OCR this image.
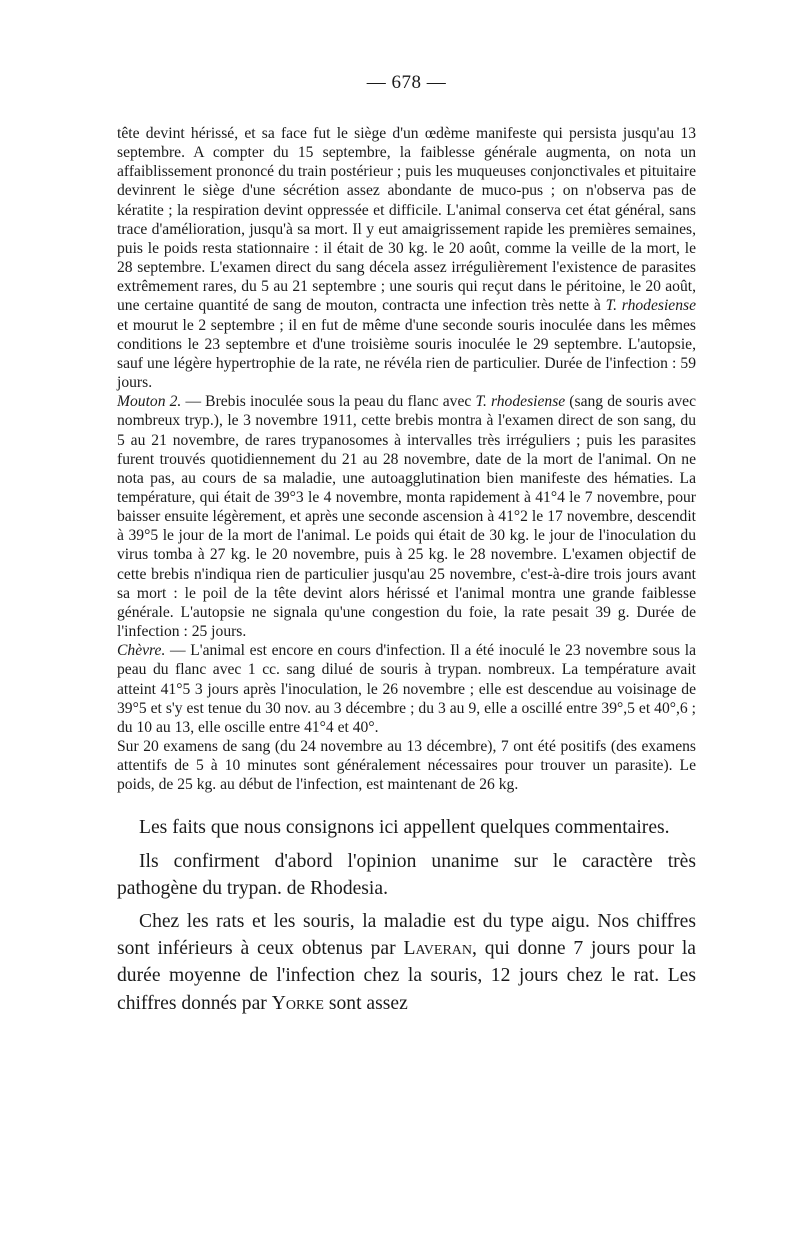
— 678 —

tête devint hérissé, et sa face fut le siège d'un œdème manifeste qui persista jusqu'au 13 septembre. A compter du 15 septembre, la faiblesse générale augmenta, on nota un affaiblissement prononcé du train postérieur ; puis les muqueuses conjonctivales et pituitaire devinrent le siège d'une sécrétion assez abondante de muco-pus ; on n'observa pas de kératite ; la respiration devint oppressée et difficile. L'animal conserva cet état général, sans trace d'amélioration, jusqu'à sa mort. Il y eut amaigrissement rapide les premières semaines, puis le poids resta stationnaire : il était de 30 kg. le 20 août, comme la veille de la mort, le 28 septembre. L'examen direct du sang décela assez irrégulièrement l'existence de parasites extrêmement rares, du 5 au 21 septembre ; une souris qui reçut dans le péritoine, le 20 août, une certaine quantité de sang de mouton, contracta une infection très nette à T. rhodesiense et mourut le 2 septembre ; il en fut de même d'une seconde souris inoculée dans les mêmes conditions le 23 septembre et d'une troisième souris inoculée le 29 septembre. L'autopsie, sauf une légère hypertrophie de la rate, ne révéla rien de particulier. Durée de l'infection : 59 jours.

Mouton 2. — Brebis inoculée sous la peau du flanc avec T. rhodesiense (sang de souris avec nombreux tryp.), le 3 novembre 1911, cette brebis montra à l'examen direct de son sang, du 5 au 21 novembre, de rares trypanosomes à intervalles très irréguliers ; puis les parasites furent trouvés quotidiennement du 21 au 28 novembre, date de la mort de l'animal. On ne nota pas, au cours de sa maladie, une autoagglutination bien manifeste des hématies. La température, qui était de 39°3 le 4 novembre, monta rapidement à 41°4 le 7 novembre, pour baisser ensuite légèrement, et après une seconde ascension à 41°2 le 17 novembre, descendit à 39°5 le jour de la mort de l'animal. Le poids qui était de 30 kg. le jour de l'inoculation du virus tomba à 27 kg. le 20 novembre, puis à 25 kg. le 28 novembre. L'examen objectif de cette brebis n'indiqua rien de particulier jusqu'au 25 novembre, c'est-à-dire trois jours avant sa mort : le poil de la tête devint alors hérissé et l'animal montra une grande faiblesse générale. L'autopsie ne signala qu'une congestion du foie, la rate pesait 39 g. Durée de l'infection : 25 jours.

Chèvre. — L'animal est encore en cours d'infection. Il a été inoculé le 23 novembre sous la peau du flanc avec 1 cc. sang dilué de souris à trypan. nombreux. La température avait atteint 41°5 3 jours après l'inoculation, le 26 novembre ; elle est descendue au voisinage de 39°5 et s'y est tenue du 30 nov. au 3 décembre ; du 3 au 9, elle a oscillé entre 39°,5 et 40°,6 ; du 10 au 13, elle oscille entre 41°4 et 40°.

Sur 20 examens de sang (du 24 novembre au 13 décembre), 7 ont été positifs (des examens attentifs de 5 à 10 minutes sont généralement nécessaires pour trouver un parasite). Le poids, de 25 kg. au début de l'infection, est maintenant de 26 kg.

Les faits que nous consignons ici appellent quelques commentaires.

Ils confirment d'abord l'opinion unanime sur le caractère très pathogène du trypan. de Rhodesia.

Chez les rats et les souris, la maladie est du type aigu. Nos chiffres sont inférieurs à ceux obtenus par Laveran, qui donne 7 jours pour la durée moyenne de l'infection chez la souris, 12 jours chez le rat. Les chiffres donnés par Yorke sont assez
